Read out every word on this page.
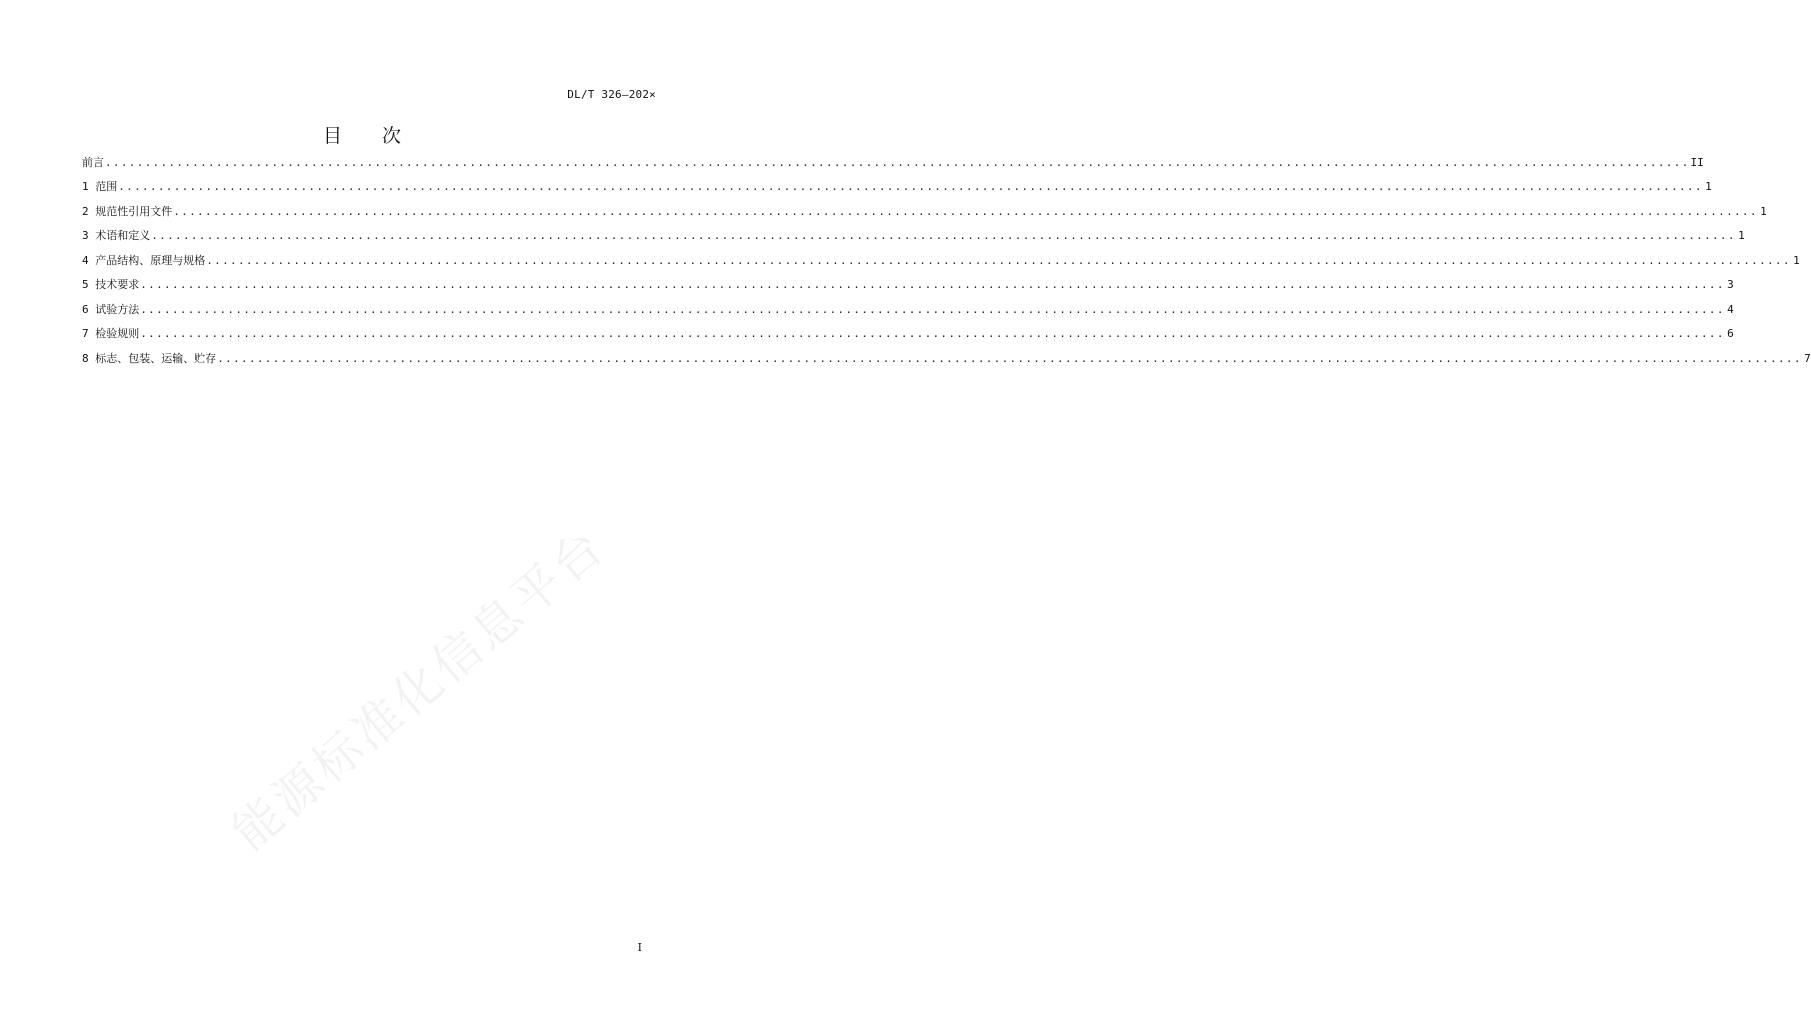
DL/T 326—202×
目 次
前言 ........................................................................................................................................................................................................ II
1 范围 ........................................................................................................................................................................................................ 1
2 规范性引用文件 ........................................................................................................................................................................................................ 1
3 术语和定义 ........................................................................................................................................................................................................ 1
4 产品结构、原理与规格 ........................................................................................................................................................................................................ 1
5 技术要求 ........................................................................................................................................................................................................ 3
6 试验方法 ........................................................................................................................................................................................................ 4
7 检验规则 ........................................................................................................................................................................................................ 6
8 标志、包装、运输、贮存 ........................................................................................................................................................................................................ 7
能源标准化信息平台
I
